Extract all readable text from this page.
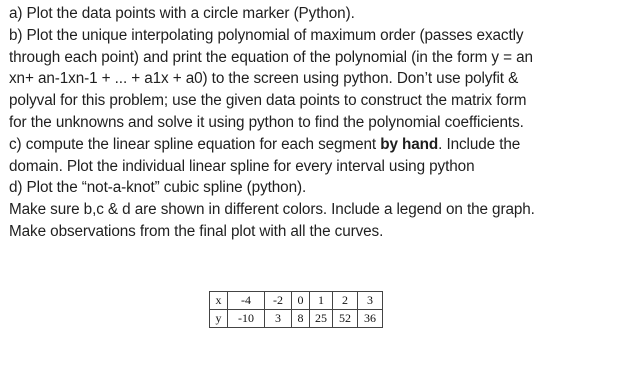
a) Plot the data points with a circle marker (Python).
b) Plot the unique interpolating polynomial of maximum order (passes exactly
through each point) and print the equation of the polynomial (in the form y = an
xn+ an-1xn-1 + ... + a1x + a0) to the screen using python. Don’t use polyfit &
polyval for this problem; use the given data points to construct the matrix form
for the unknowns and solve it using python to find the polynomial coefficients.
c) compute the linear spline equation for each segment by hand. Include the
domain. Plot the individual linear spline for every interval using python
d) Plot the “not-a-knot” cubic spline (python).
Make sure b,c & d are shown in different colors. Include a legend on the graph.
Make observations from the final plot with all the curves.
x	-4	-2	0	1	2	3
y	-10	3	8	25	52	36
